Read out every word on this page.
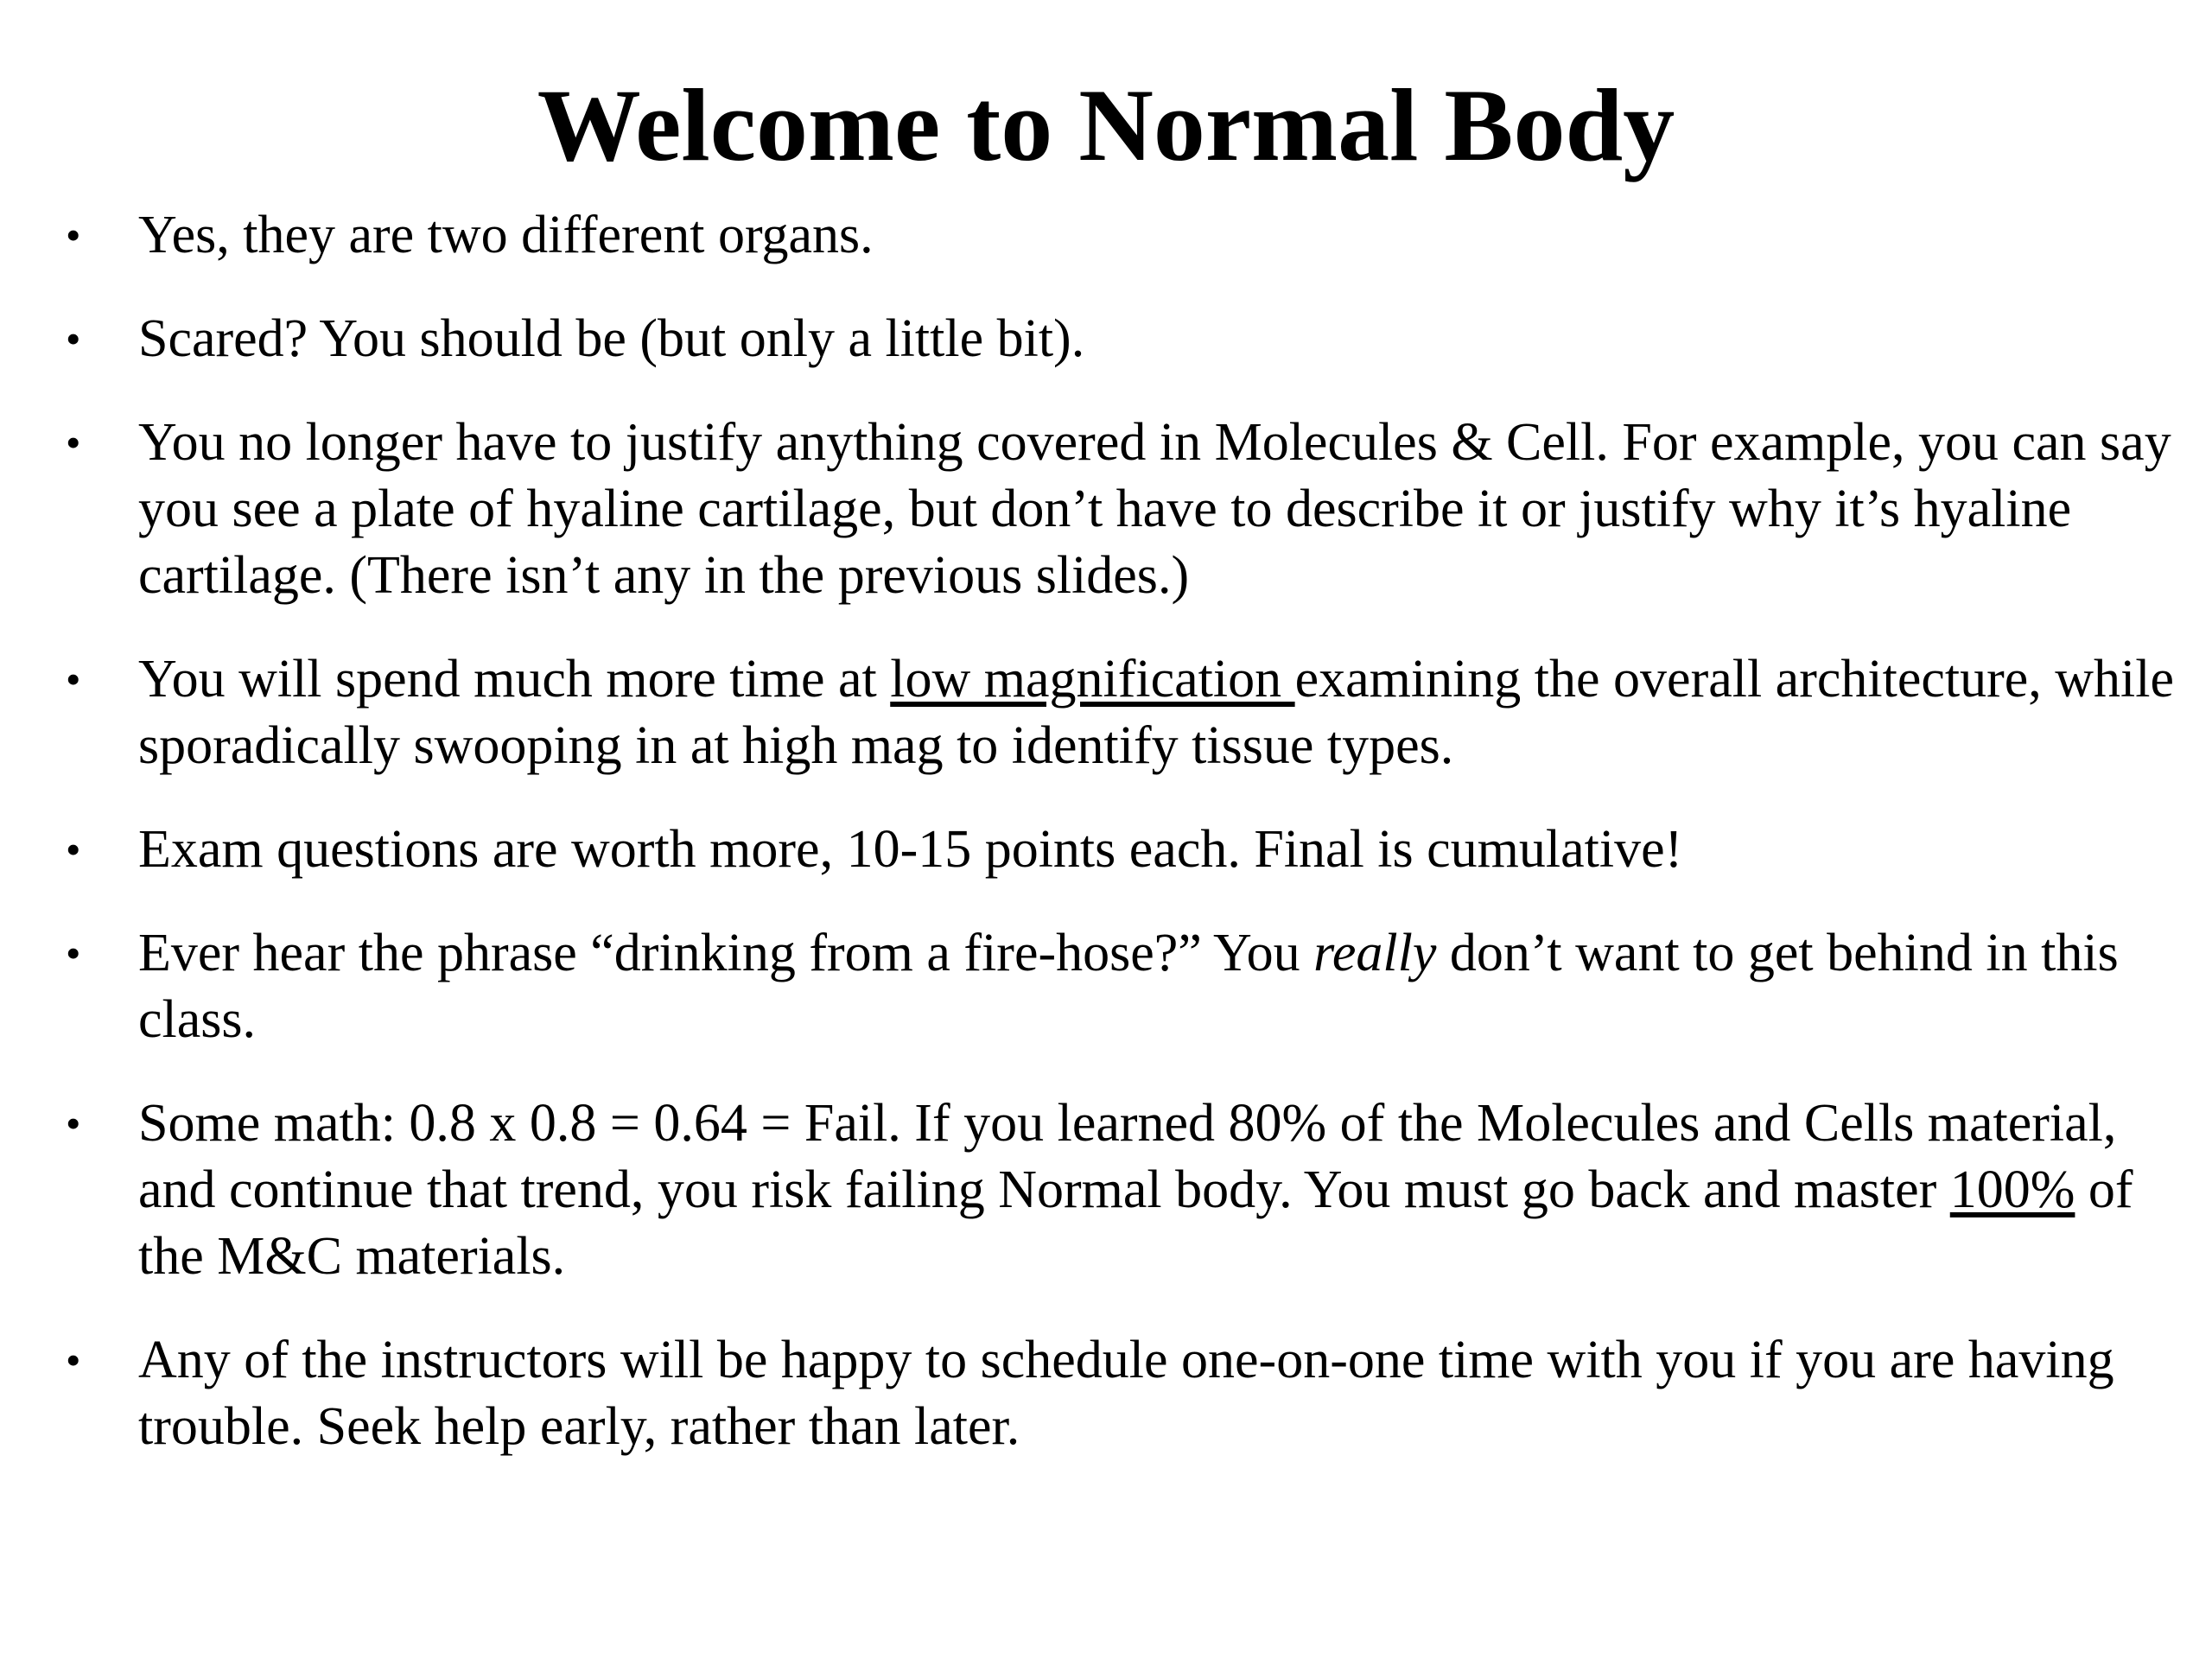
Welcome to Normal Body
• Yes, they are two different organs.
• Scared? You should be (but only a little bit).
• You no longer have to justify anything covered in Molecules & Cell. For example, you can say you see a plate of hyaline cartilage, but don’t have to describe it or justify why it’s hyaline cartilage. (There isn’t any in the previous slides.)
• You will spend much more time at low magnification examining the overall architecture, while sporadically swooping in at high mag to identify tissue types.
• Exam questions are worth more, 10-15 points each. Final is cumulative!
• Ever hear the phrase “drinking from a fire-hose?” You really don’t want to get behind in this class.
• Some math: 0.8 x 0.8 = 0.64 = Fail. If you learned 80% of the Molecules and Cells material, and continue that trend, you risk failing Normal body. You must go back and master 100% of the M&C materials.
• Any of the instructors will be happy to schedule one-on-one time with you if you are having trouble. Seek help early, rather than later.
